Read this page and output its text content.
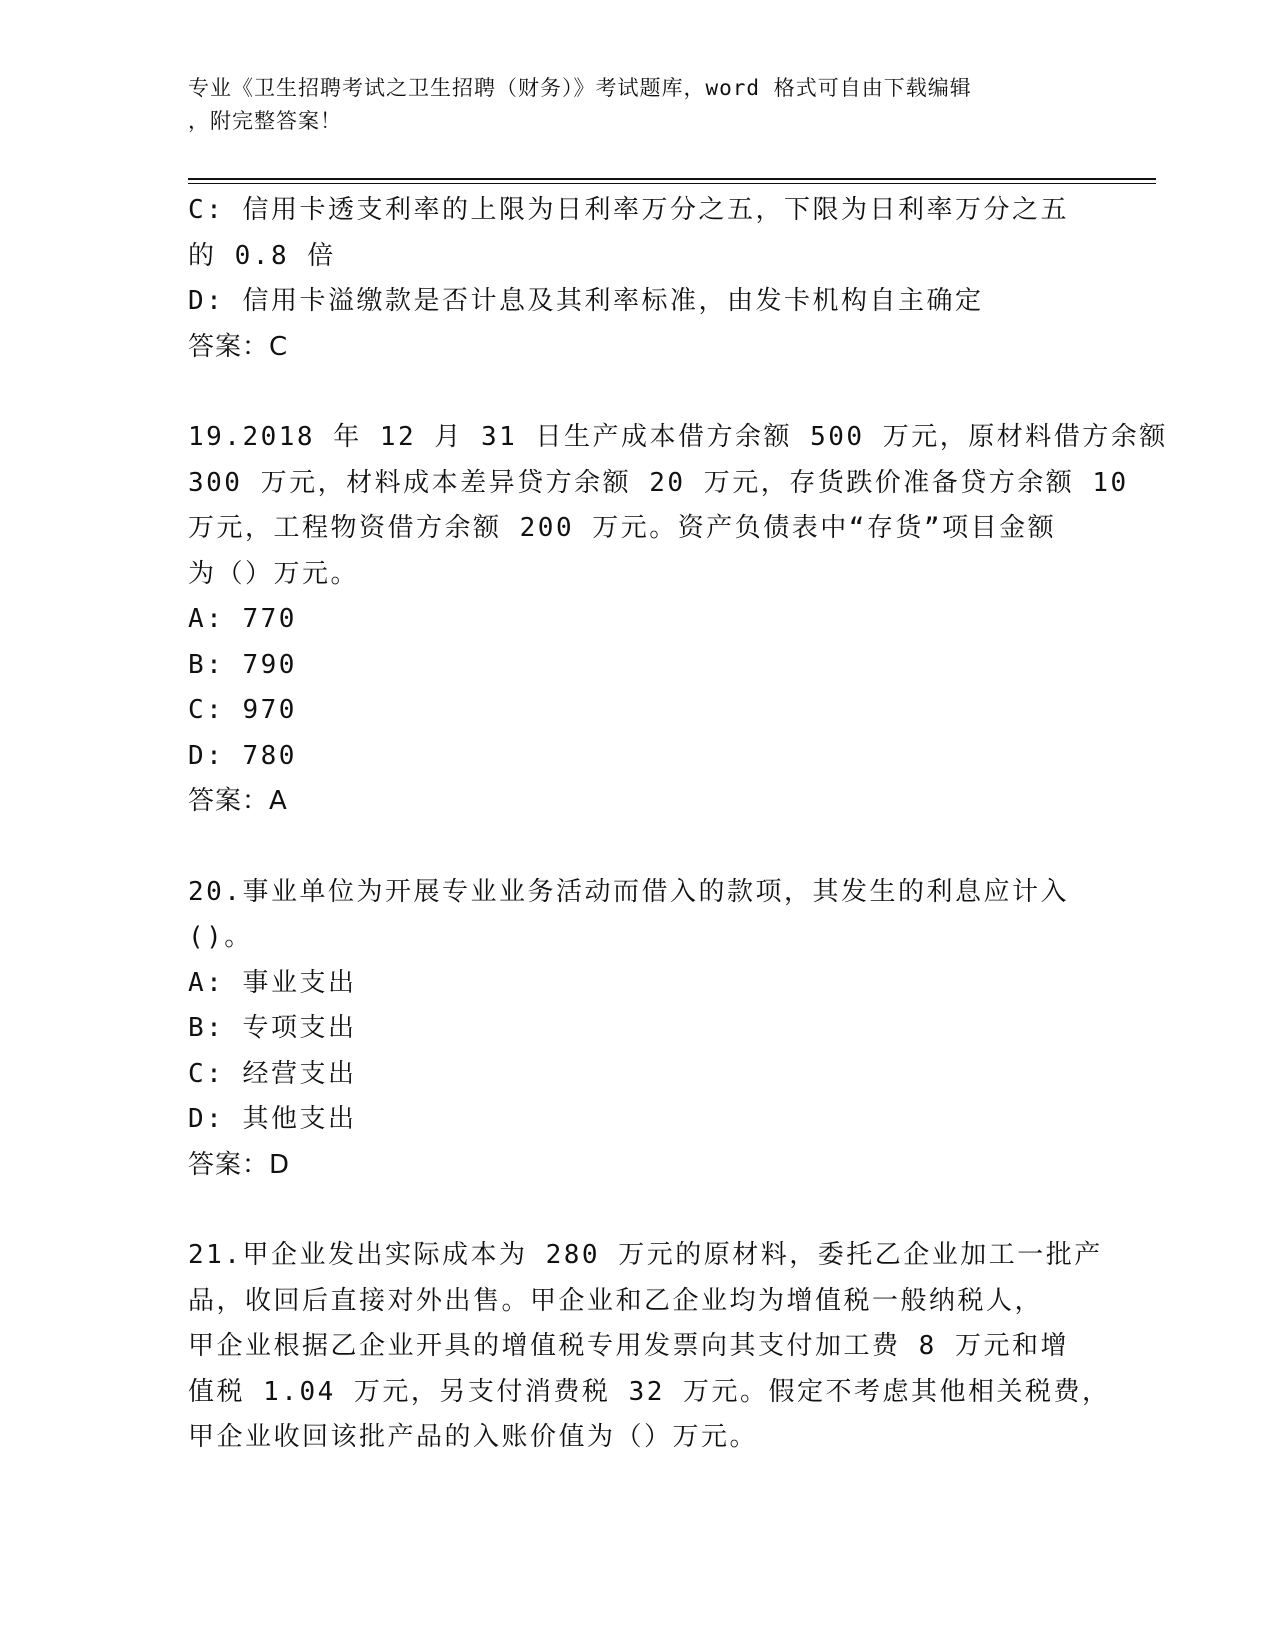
专业《卫生招聘考试之卫生招聘（财务）》考试题库，word 格式可自由下载编辑
，附完整答案！
C: 信用卡透支利率的上限为日利率万分之五，下限为日利率万分之五
的 0.8 倍
D: 信用卡溢缴款是否计息及其利率标准，由发卡机构自主确定
答案：C
19.2018 年 12 月 31 日生产成本借方余额 500 万元，原材料借方余额
300 万元，材料成本差异贷方余额 20 万元，存货跌价准备贷方余额 10
万元，工程物资借方余额 200 万元。资产负债表中“存货”项目金额
为（）万元。
A: 770
B: 790
C: 970
D: 780
答案：A
20.事业单位为开展专业业务活动而借入的款项，其发生的利息应计入
()。
A: 事业支出
B: 专项支出
C: 经营支出
D: 其他支出
答案：D
21.甲企业发出实际成本为 280 万元的原材料，委托乙企业加工一批产
品，收回后直接对外出售。甲企业和乙企业均为增值税一般纳税人，
甲企业根据乙企业开具的增值税专用发票向其支付加工费 8 万元和增
值税 1.04 万元，另支付消费税 32 万元。假定不考虑其他相关税费，
甲企业收回该批产品的入账价值为（）万元。
